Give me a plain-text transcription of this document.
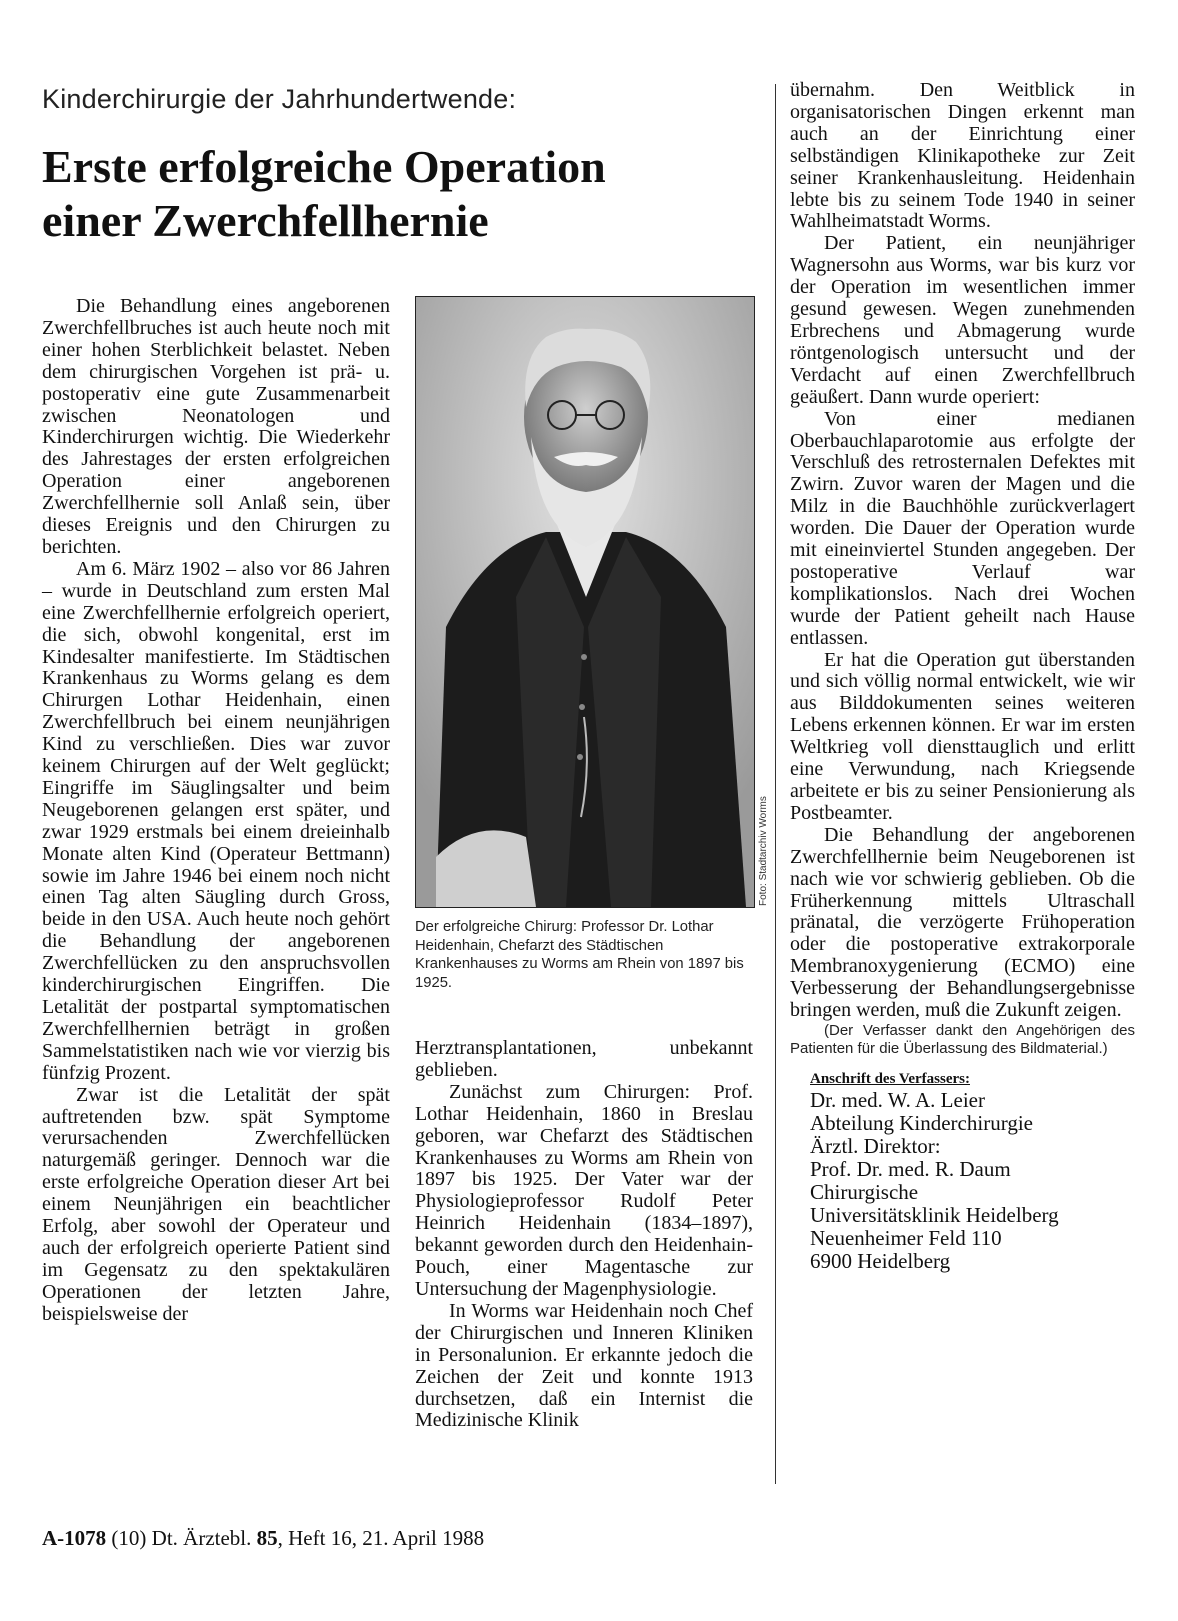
Kinderchirurgie der Jahrhundertwende:
Erste erfolgreiche Operation
einer Zwerchfellhernie

Die Behandlung eines angeborenen Zwerchfellbruches ist auch heute noch mit einer hohen Sterblichkeit belastet. Neben dem chirurgischen Vorgehen ist prä- u. postoperativ eine gute Zusammenarbeit zwischen Neonatologen und Kinderchirurgen wichtig. Die Wiederkehr des Jahrestages der ersten erfolgreichen Operation einer angeborenen Zwerchfellhernie soll Anlaß sein, über dieses Ereignis und den Chirurgen zu berichten.

Am 6. März 1902 – also vor 86 Jahren – wurde in Deutschland zum ersten Mal eine Zwerchfellhernie erfolgreich operiert, die sich, obwohl kongenital, erst im Kindesalter manifestierte. Im Städtischen Krankenhaus zu Worms gelang es dem Chirurgen Lothar Heidenhain, einen Zwerchfellbruch bei einem neunjährigen Kind zu verschließen. Dies war zuvor keinem Chirurgen auf der Welt geglückt; Eingriffe im Säuglingsalter und beim Neugeborenen gelangen erst später, und zwar 1929 erstmals bei einem dreieinhalb Monate alten Kind (Operateur Bettmann) sowie im Jahre 1946 bei einem noch nicht einen Tag alten Säugling durch Gross, beide in den USA. Auch heute noch gehört die Behandlung der angeborenen Zwerchfellücken zu den anspruchsvollen kinderchirurgischen Eingriffen. Die Letalität der postpartal symptomatischen Zwerchfellhernien beträgt in großen Sammelstatistiken nach wie vor vierzig bis fünfzig Prozent.

Zwar ist die Letalität der spät auftretenden bzw. spät Symptome verursachenden Zwerchfellücken naturgemäß geringer. Dennoch war die erste erfolgreiche Operation dieser Art bei einem Neunjährigen ein beachtlicher Erfolg, aber sowohl der Operateur und auch der erfolgreich operierte Patient sind im Gegensatz zu den spektakulären Operationen der letzten Jahre, beispielsweise der

Foto: Stadtarchiv Worms
Der erfolgreiche Chirurg: Professor Dr. Lothar Heidenhain, Chefarzt des Städtischen Krankenhauses zu Worms am Rhein von 1897 bis 1925.

Herztransplantationen, unbekannt geblieben.

Zunächst zum Chirurgen: Prof. Lothar Heidenhain, 1860 in Breslau geboren, war Chefarzt des Städtischen Krankenhauses zu Worms am Rhein von 1897 bis 1925. Der Vater war der Physiologieprofessor Rudolf Peter Heinrich Heidenhain (1834–1897), bekannt geworden durch den Heidenhain-Pouch, einer Magentasche zur Untersuchung der Magenphysiologie.

In Worms war Heidenhain noch Chef der Chirurgischen und Inneren Kliniken in Personalunion. Er erkannte jedoch die Zeichen der Zeit und konnte 1913 durchsetzen, daß ein Internist die Medizinische Klinik

übernahm. Den Weitblick in organisatorischen Dingen erkennt man auch an der Einrichtung einer selbständigen Klinikapotheke zur Zeit seiner Krankenhausleitung. Heidenhain lebte bis zu seinem Tode 1940 in seiner Wahlheimatstadt Worms.

Der Patient, ein neunjähriger Wagnersohn aus Worms, war bis kurz vor der Operation im wesentlichen immer gesund gewesen. Wegen zunehmenden Erbrechens und Abmagerung wurde röntgenologisch untersucht und der Verdacht auf einen Zwerchfellbruch geäußert. Dann wurde operiert:

Von einer medianen Oberbauchlaparotomie aus erfolgte der Verschluß des retrosternalen Defektes mit Zwirn. Zuvor waren der Magen und die Milz in die Bauchhöhle zurückverlagert worden. Die Dauer der Operation wurde mit eineinviertel Stunden angegeben. Der postoperative Verlauf war komplikationslos. Nach drei Wochen wurde der Patient geheilt nach Hause entlassen.

Er hat die Operation gut überstanden und sich völlig normal entwickelt, wie wir aus Bilddokumenten seines weiteren Lebens erkennen können. Er war im ersten Weltkrieg voll diensttauglich und erlitt eine Verwundung, nach Kriegsende arbeitete er bis zu seiner Pensionierung als Postbeamter.

Die Behandlung der angeborenen Zwerchfellhernie beim Neugeborenen ist nach wie vor schwierig geblieben. Ob die Früherkennung mittels Ultraschall pränatal, die verzögerte Frühoperation oder die postoperative extrakorporale Membranoxygenierung (ECMO) eine Verbesserung der Behandlungsergebnisse bringen werden, muß die Zukunft zeigen.

(Der Verfasser dankt den Angehörigen des Patienten für die Überlassung des Bildmaterial.)

Anschrift des Verfassers:
Dr. med. W. A. Leier
Abteilung Kinderchirurgie
Ärztl. Direktor:
Prof. Dr. med. R. Daum
Chirurgische
Universitätsklinik Heidelberg
Neuenheimer Feld 110
6900 Heidelberg
A-1078 (10) Dt. Ärztebl. 85, Heft 16, 21. April 1988
